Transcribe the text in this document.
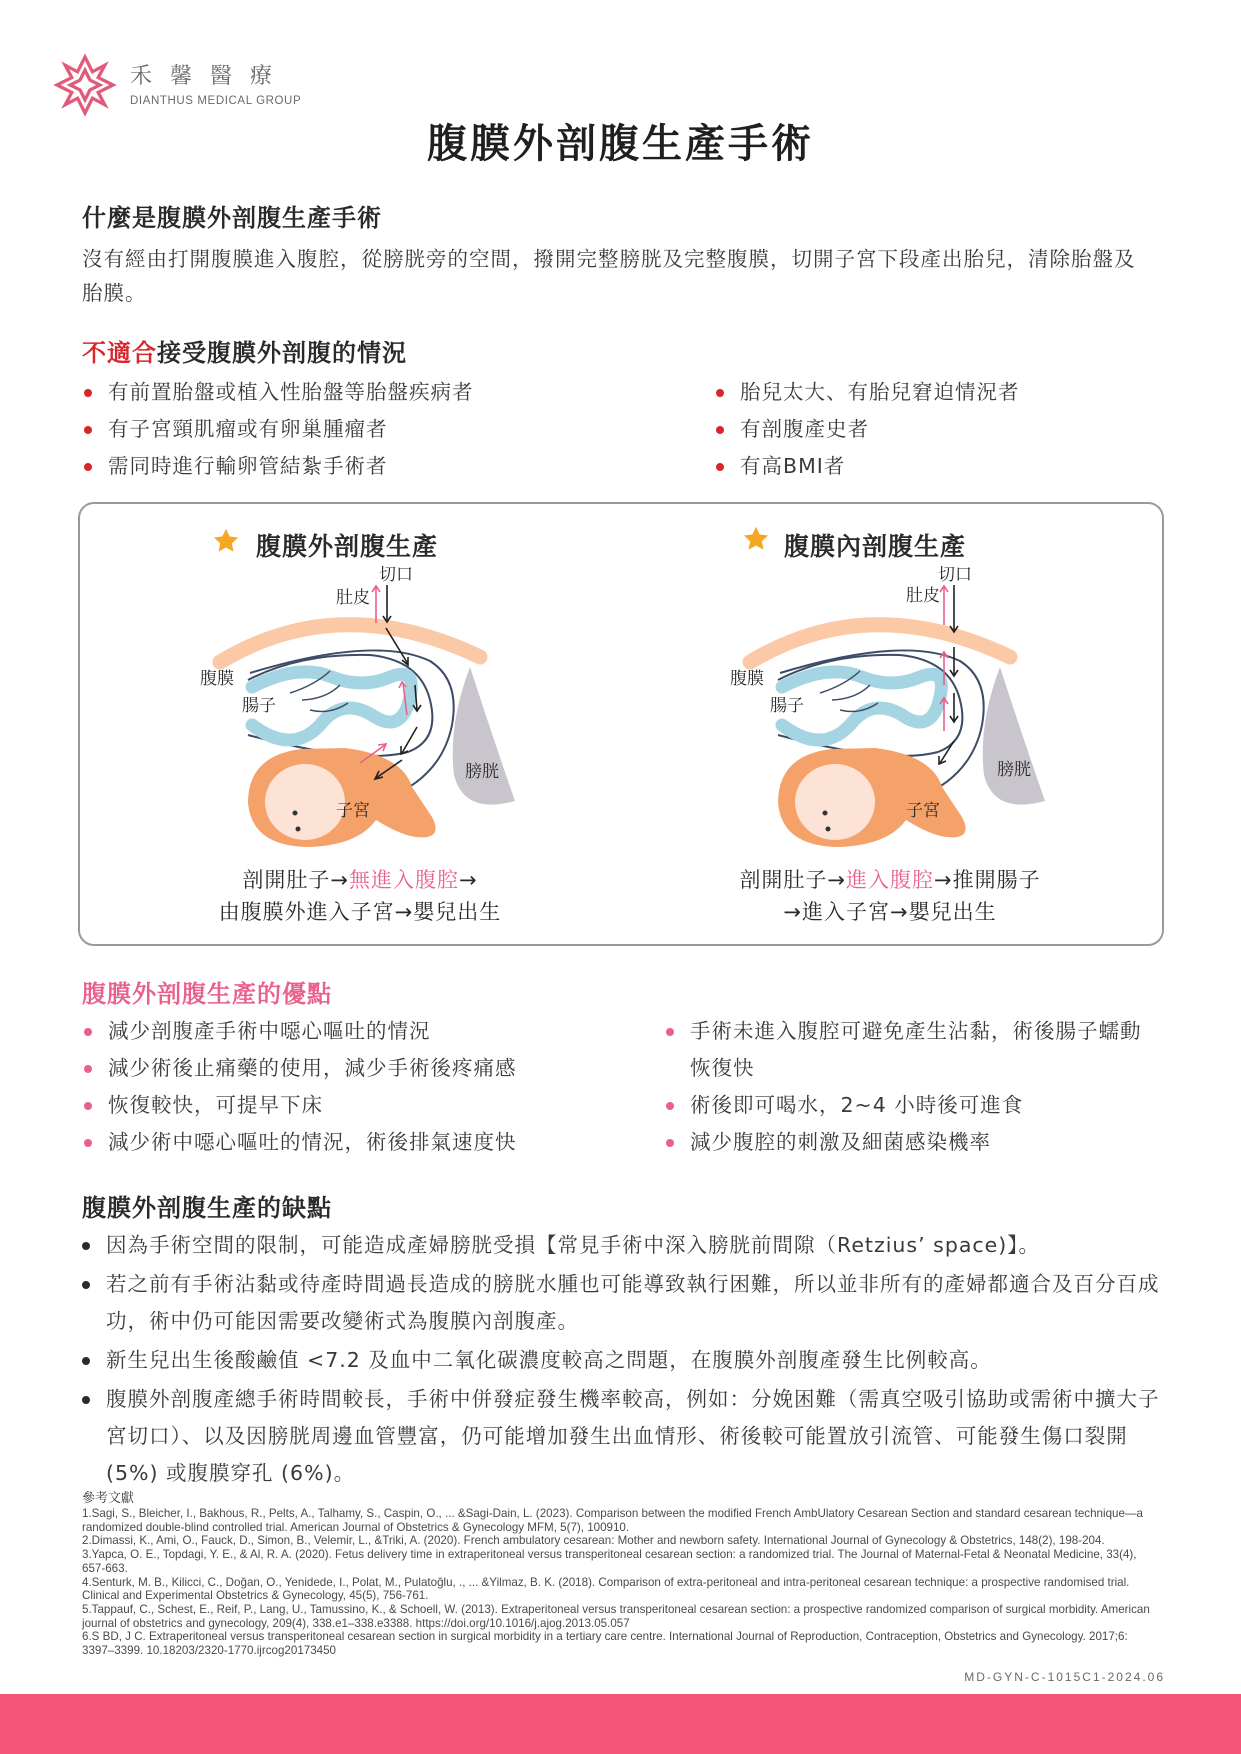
禾馨醫療
DIANTHUS MEDICAL GROUP
腹膜外剖腹生產手術
什麼是腹膜外剖腹生產手術
沒有經由打開腹膜進入腹腔，從膀胱旁的空間，撥開完整膀胱及完整腹膜，切開子宮下段產出胎兒，清除胎盤及胎膜。
不適合接受腹膜外剖腹的情況
有前置胎盤或植入性胎盤等胎盤疾病者
有子宮頸肌瘤或有卵巢腫瘤者
需同時進行輸卵管結紮手術者
胎兒太大、有胎兒窘迫情況者
有剖腹產史者
有高BMI者
腹膜外剖腹生產	腹膜內剖腹生產
切口
肚皮
腹膜
腸子
膀胱
子宮
切口
肚皮
腹膜
腸子
膀胱
子宮
剖開肚子→無進入腹腔→
由腹膜外進入子宮→嬰兒出生
剖開肚子→進入腹腔→推開腸子
→進入子宮→嬰兒出生
腹膜外剖腹生產的優點
減少剖腹產手術中噁心嘔吐的情況
減少術後止痛藥的使用，減少手術後疼痛感
恢復較快，可提早下床
減少術中噁心嘔吐的情況，術後排氣速度快
手術未進入腹腔可避免產生沾黏，術後腸子蠕動恢復快
術後即可喝水，2~4 小時後可進食
減少腹腔的刺激及細菌感染機率
腹膜外剖腹生產的缺點
因為手術空間的限制，可能造成產婦膀胱受損【常見手術中深入膀胱前間隙（Retzius’ space)】。
若之前有手術沾黏或待產時間過長造成的膀胱水腫也可能導致執行困難，所以並非所有的產婦都適合及百分百成功，術中仍可能因需要改變術式為腹膜內剖腹產。
新生兒出生後酸鹼值 <7.2 及血中二氧化碳濃度較高之問題，在腹膜外剖腹產發生比例較高。
腹膜外剖腹產總手術時間較長，手術中併發症發生機率較高，例如：分娩困難（需真空吸引協助或需術中擴大子宮切口）、以及因膀胱周邊血管豐富，仍可能增加發生出血情形、術後較可能置放引流管、可能發生傷口裂開 (5%) 或腹膜穿孔 (6%)。
參考文獻
1.Sagi, S., Bleicher, I., Bakhous, R., Pelts, A., Talhamy, S., Caspin, O., ... &Sagi-Dain, L. (2023). Comparison between the modified French AmbUlatory Cesarean Section and standard cesarean technique—a randomized double-blind controlled trial. American Journal of Obstetrics & Gynecology MFM, 5(7), 100910.
2.Dimassi, K., Ami, O., Fauck, D., Simon, B., Velemir, L., &Triki, A. (2020). French ambulatory cesarean: Mother and newborn safety. International Journal of Gynecology & Obstetrics, 148(2), 198-204.
3.Yapca, O. E., Topdagi, Y. E., & Al, R. A. (2020). Fetus delivery time in extraperitoneal versus transperitoneal cesarean section: a randomized trial. The Journal of Maternal-Fetal & Neonatal Medicine, 33(4), 657-663.
4.Senturk, M. B., Kilicci, C., Doğan, O., Yenidede, I., Polat, M., Pulatoğlu, ., ... &Yilmaz, B. K. (2018). Comparison of extra-peritoneal and intra-peritoneal cesarean technique: a prospective randomised trial. Clinical and Experimental Obstetrics & Gynecology, 45(5), 756-761.
5.Tappauf, C., Schest, E., Reif, P., Lang, U., Tamussino, K., & Schoell, W. (2013). Extraperitoneal versus transperitoneal cesarean section: a prospective randomized comparison of surgical morbidity. American journal of obstetrics and gynecology, 209(4), 338.e1–338.e3388. https://doi.org/10.1016/j.ajog.2013.05.057
6.S BD, J C. Extraperitoneal versus transperitoneal cesarean section in surgical morbidity in a tertiary care centre. International Journal of Reproduction, Contraception, Obstetrics and Gynecology. 2017;6: 3397–3399. 10.18203/2320-1770.ijrcog20173450
MD-GYN-C-1015C1-2024.06
